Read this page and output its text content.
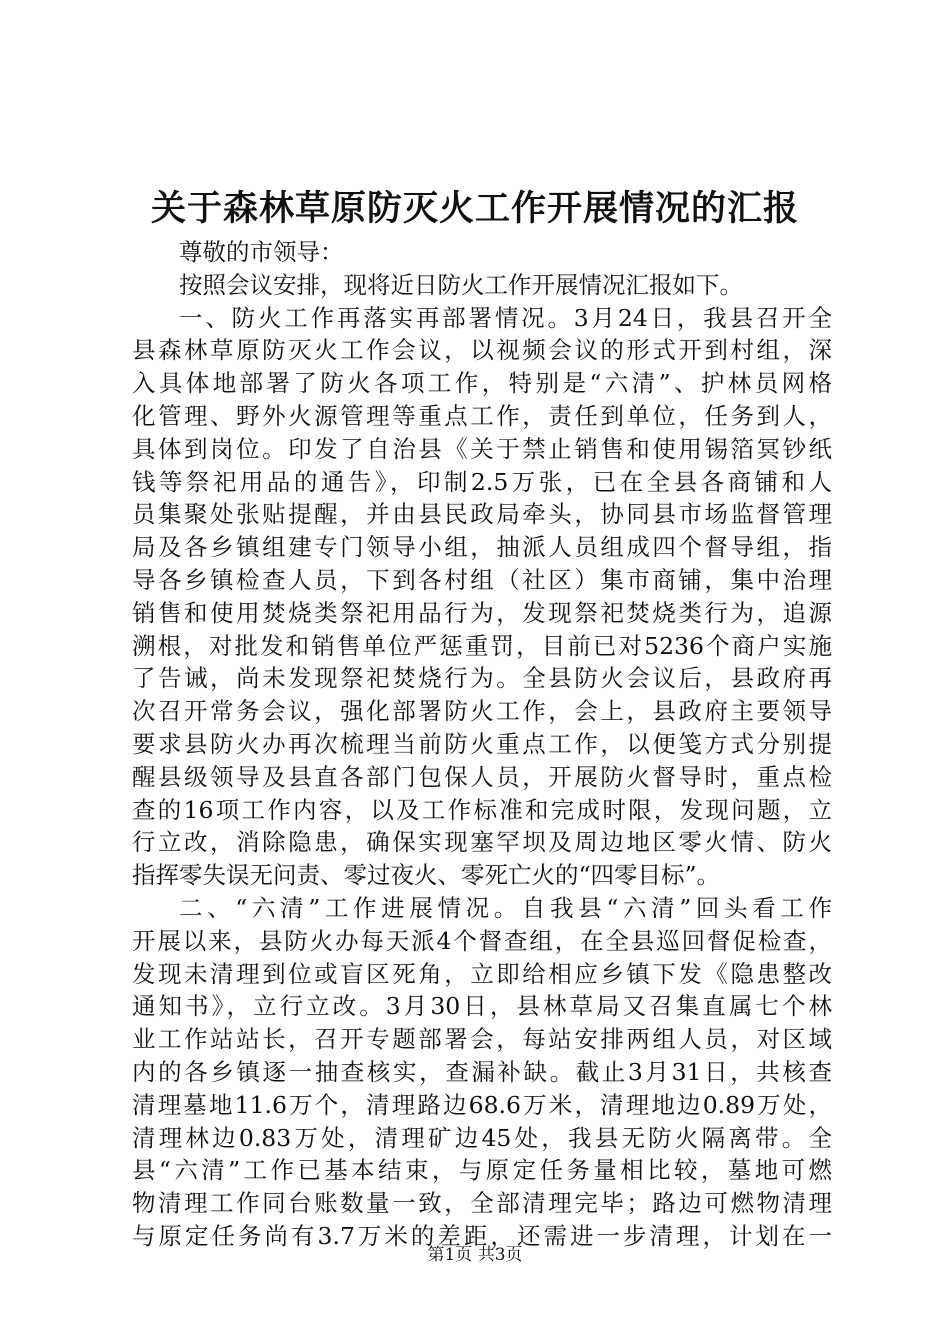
关于森林草原防灭火工作开展情况的汇报
尊敬的市领导：
按照会议安排，现将近日防火工作开展情况汇报如下。
一、防火工作再落实再部署情况。3月24日，我县召开全
县森林草原防灭火工作会议，以视频会议的形式开到村组，深
入具体地部署了防火各项工作，特别是“六清”、护林员网格
化管理、野外火源管理等重点工作，责任到单位，任务到人，
具体到岗位。印发了自治县《关于禁止销售和使用锡箔冥钞纸
钱等祭祀用品的通告》，印制2.5万张，已在全县各商铺和人
员集聚处张贴提醒，并由县民政局牵头，协同县市场监督管理
局及各乡镇组建专门领导小组，抽派人员组成四个督导组，指
导各乡镇检查人员，下到各村组（社区）集市商铺，集中治理
销售和使用焚烧类祭祀用品行为，发现祭祀焚烧类行为，追源
溯根，对批发和销售单位严惩重罚，目前已对5236个商户实施
了告诫，尚未发现祭祀焚烧行为。全县防火会议后，县政府再
次召开常务会议，强化部署防火工作，会上，县政府主要领导
要求县防火办再次梳理当前防火重点工作，以便笺方式分别提
醒县级领导及县直各部门包保人员，开展防火督导时，重点检
查的16项工作内容，以及工作标准和完成时限，发现问题，立
行立改，消除隐患，确保实现塞罕坝及周边地区零火情、防火
指挥零失误无问责、零过夜火、零死亡火的“四零目标”。
二、“六清”工作进展情况。自我县“六清”回头看工作
开展以来，县防火办每天派4个督查组，在全县巡回督促检查，
发现未清理到位或盲区死角，立即给相应乡镇下发《隐患整改
通知书》，立行立改。3月30日，县林草局又召集直属七个林
业工作站站长，召开专题部署会，每站安排两组人员，对区域
内的各乡镇逐一抽查核实，查漏补缺。截止3月31日，共核查
清理墓地11.6万个，清理路边68.6万米，清理地边0.89万处，
清理林边0.83万处，清理矿边45处，我县无防火隔离带。全
县“六清”工作已基本结束，与原定任务量相比较，墓地可燃
物清理工作同台账数量一致，全部清理完毕；路边可燃物清理
与原定任务尚有3.7万米的差距，还需进一步清理，计划在一
第1页 共3页
